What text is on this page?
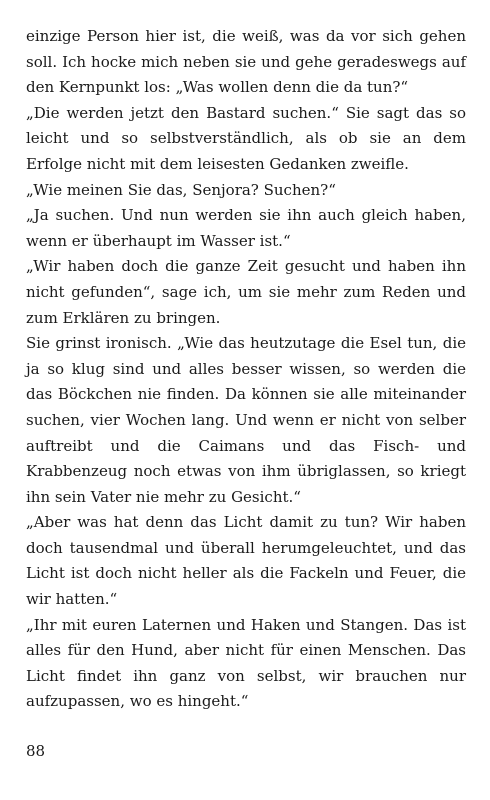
einzige Person hier ist, die weiß, was da vor sich gehen soll. Ich hocke mich neben sie und gehe geradeswegs auf den Kernpunkt los: „Was wollen denn die da tun?“

„Die werden jetzt den Bastard suchen.“ Sie sagt das so leicht und so selbstverständlich, als ob sie an dem Erfolge nicht mit dem leisesten Gedanken zweifle.

„Wie meinen Sie das, Senjora? Suchen?“

„Ja suchen. Und nun werden sie ihn auch gleich haben, wenn er überhaupt im Wasser ist.“

„Wir haben doch die ganze Zeit gesucht und haben ihn nicht gefunden“, sage ich, um sie mehr zum Reden und zum Erklären zu bringen.

Sie grinst ironisch. „Wie das heutzutage die Esel tun, die ja so klug sind und alles besser wissen, so werden die das Böckchen nie finden. Da können sie alle miteinander suchen, vier Wochen lang. Und wenn er nicht von selber auftreibt und die Caimans und das Fisch- und Krabbenzeug noch etwas von ihm übriglassen, so kriegt ihn sein Vater nie mehr zu Gesicht.“

„Aber was hat denn das Licht damit zu tun? Wir haben doch tausendmal und überall herumgeleuchtet, und das Licht ist doch nicht heller als die Fackeln und Feuer, die wir hatten.“

„Ihr mit euren Laternen und Haken und Stangen. Das ist alles für den Hund, aber nicht für einen Menschen. Das Licht findet ihn ganz von selbst, wir brauchen nur aufzupassen, wo es hingeht.“

88
